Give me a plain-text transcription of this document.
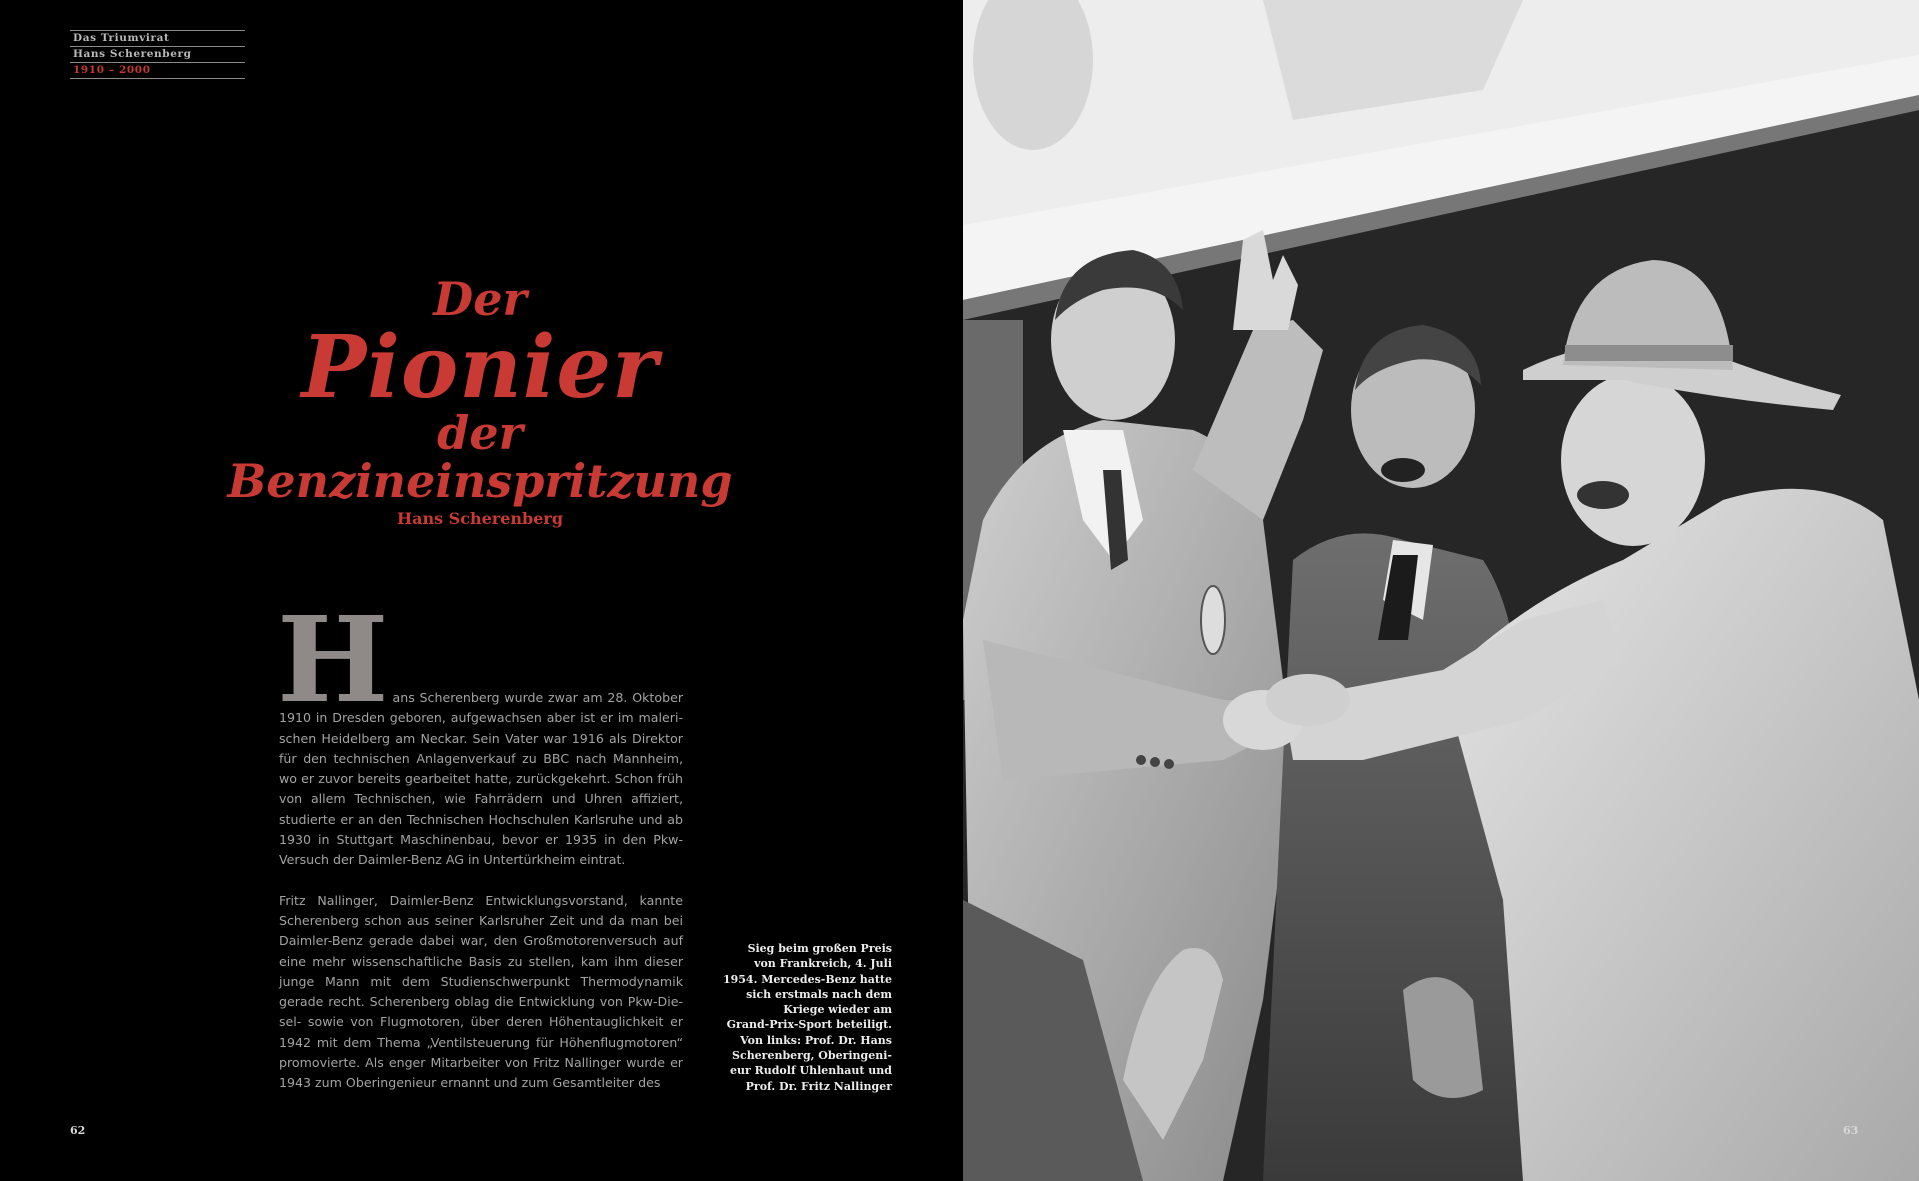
Das Triumvirat
Hans Scherenberg
1910 – 2000
Der
Pionier
der
Benzineinspritzung
Hans Scherenberg
H ans Scherenberg wurde zwar am 28. Oktober 1910 in Dresden geboren, aufgewachsen aber ist er im malerischen Heidelberg am Neckar. Sein Vater war 1916 als Direktor für den technischen Anlagenverkauf zu BBC nach Mannheim, wo er zuvor bereits gearbeitet hatte, zurückgekehrt. Schon früh von allem Technischen, wie Fahrrädern und Uhren affiziert, studierte er an den Technischen Hochschulen Karlsruhe und ab 1930 in Stuttgart Maschinenbau, bevor er 1935 in den Pkw-Versuch der Daimler-Benz AG in Untertürkheim eintrat.

Fritz Nallinger, Daimler-Benz Entwicklungsvorstand, kannte Scherenberg schon aus seiner Karlsruher Zeit und da man bei Daimler-Benz gerade dabei war, den Großmotorenversuch auf eine mehr wissenschaftliche Basis zu stellen, kam ihm dieser junge Mann mit dem Studienschwerpunkt Thermodynamik gerade recht. Scherenberg oblag die Entwicklung von Pkw-Diesel- sowie von Flugmotoren, über deren Höhentauglichkeit er 1942 mit dem Thema „Ventilsteuerung für Höhenflugmotoren“ promovierte. Als enger Mitarbeiter von Fritz Nallinger wurde er 1943 zum Oberingenieur ernannt und zum Gesamtleiter des

Sieg beim großen Preis
von Frankreich, 4. Juli
1954. Mercedes-Benz hatte
sich erstmals nach dem
Kriege wieder am
Grand-Prix-Sport beteiligt.
Von links: Prof. Dr. Hans
Scherenberg, Oberingeni-
eur Rudolf Uhlenhaut und
Prof. Dr. Fritz Nallinger
62	63
